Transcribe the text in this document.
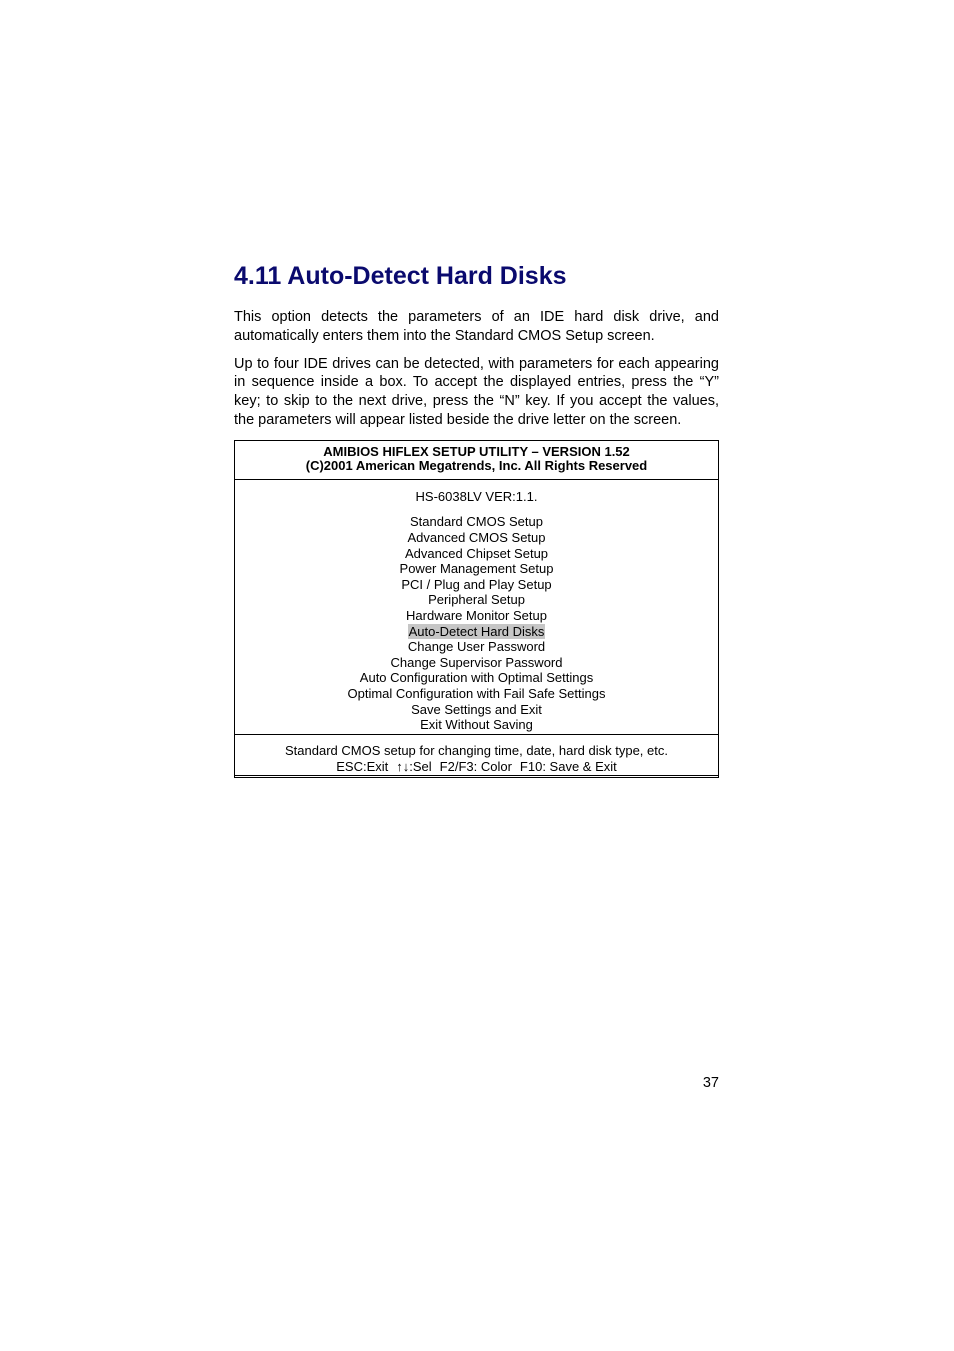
4.11 Auto-Detect Hard Disks

This option detects the parameters of an IDE hard disk drive, and automatically enters them into the Standard CMOS Setup screen.

Up to four IDE drives can be detected, with parameters for each appearing in sequence inside a box. To accept the displayed entries, press the “Y” key; to skip to the next drive, press the “N” key. If you accept the values, the parameters will appear listed beside the drive letter on the screen.

AMIBIOS HIFLEX SETUP UTILITY – VERSION 1.52
(C)2001 American Megatrends, Inc. All Rights Reserved
HS-6038LV VER:1.1.
Standard CMOS Setup
Advanced CMOS Setup
Advanced Chipset Setup
Power Management Setup
PCI / Plug and Play Setup
Peripheral Setup
Hardware Monitor Setup
Auto-Detect Hard Disks
Change User Password
Change Supervisor Password
Auto Configuration with Optimal Settings
Optimal Configuration with Fail Safe Settings
Save Settings and Exit
Exit Without Saving
Standard CMOS setup for changing time, date, hard disk type, etc.
ESC:Exit ↑↓:Sel F2/F3: Color F10: Save & Exit
37
